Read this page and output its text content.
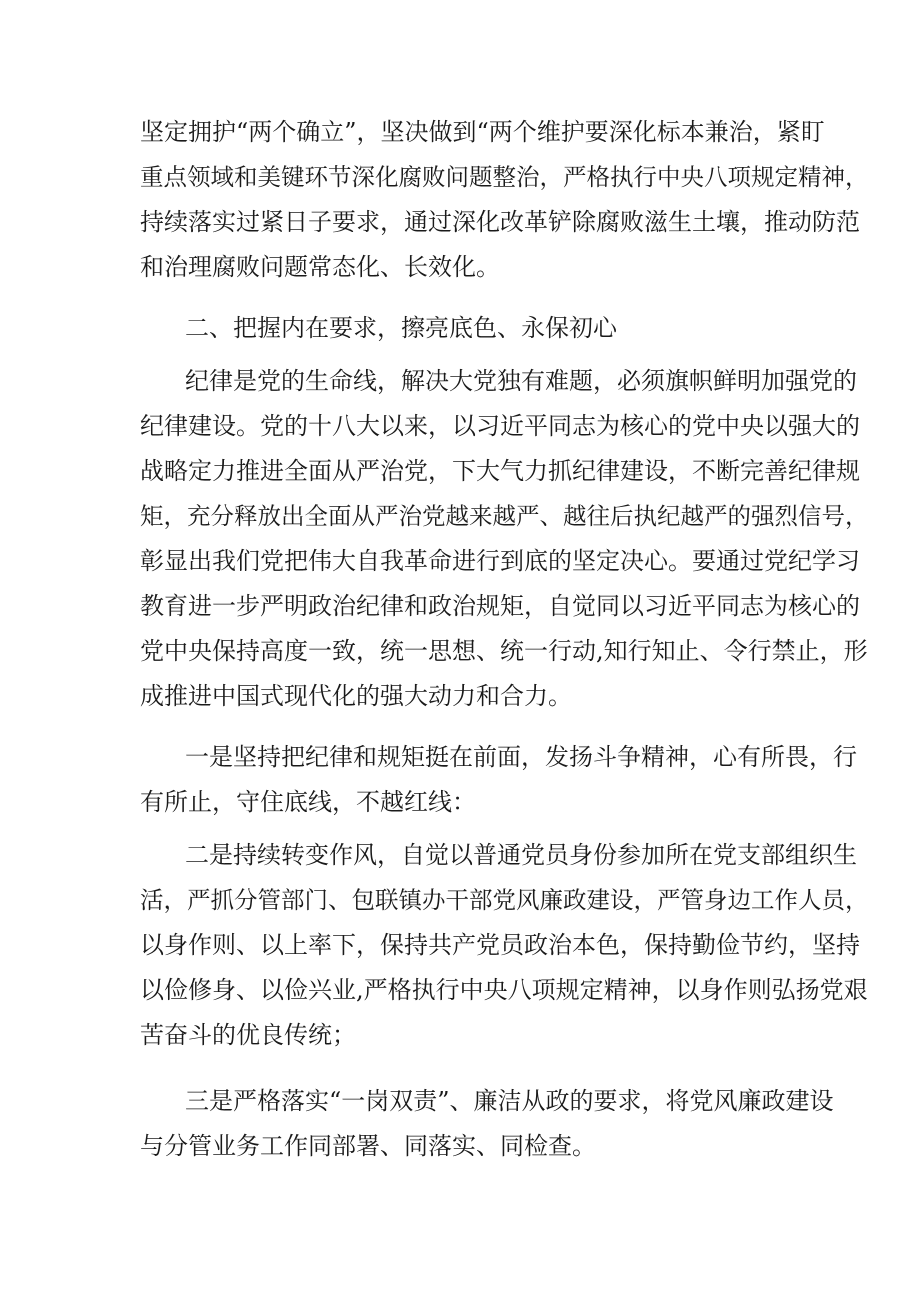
坚定拥护“两个确立”，坚决做到“两个维护要深化标本兼治，紧盯

重点领域和美键环节深化腐败问题整治，严格执行中央八项规定精神，

持续落实过紧日子要求，通过深化改革铲除腐败滋生土壤，推动防范

和治理腐败问题常态化、长效化。

二、把握内在要求，擦亮底色、永保初心

纪律是党的生命线，解决大党独有难题，必须旗帜鲜明加强党的

纪律建设。党的十八大以来，以习近平同志为核心的党中央以强大的

战略定力推进全面从严治党，下大气力抓纪律建设，不断完善纪律规

矩，充分释放出全面从严治党越来越严、越往后执纪越严的强烈信号，

彰显出我们党把伟大自我革命进行到底的坚定决心。要通过党纪学习

教育进一步严明政治纪律和政治规矩，自觉同以习近平同志为核心的

党中央保持高度一致，统一思想、统一行动,知行知止、令行禁止，形

成推进中国式现代化的强大动力和合力。

一是坚持把纪律和规矩挺在前面，发扬斗争精神，心有所畏，行

有所止，守住底线，不越红线：

二是持续转变作风，自觉以普通党员身份参加所在党支部组织生

活，严抓分管部门、包联镇办干部党风廉政建设，严管身边工作人员，

以身作则、以上率下，保持共产党员政治本色，保持勤俭节约，坚持

以俭修身、以俭兴业,严格执行中央八项规定精神，以身作则弘扬党艰

苦奋斗的优良传统；

三是严格落实“一岗双责”、廉洁从政的要求，将党风廉政建设

与分管业务工作同部署、同落实、同检查。
